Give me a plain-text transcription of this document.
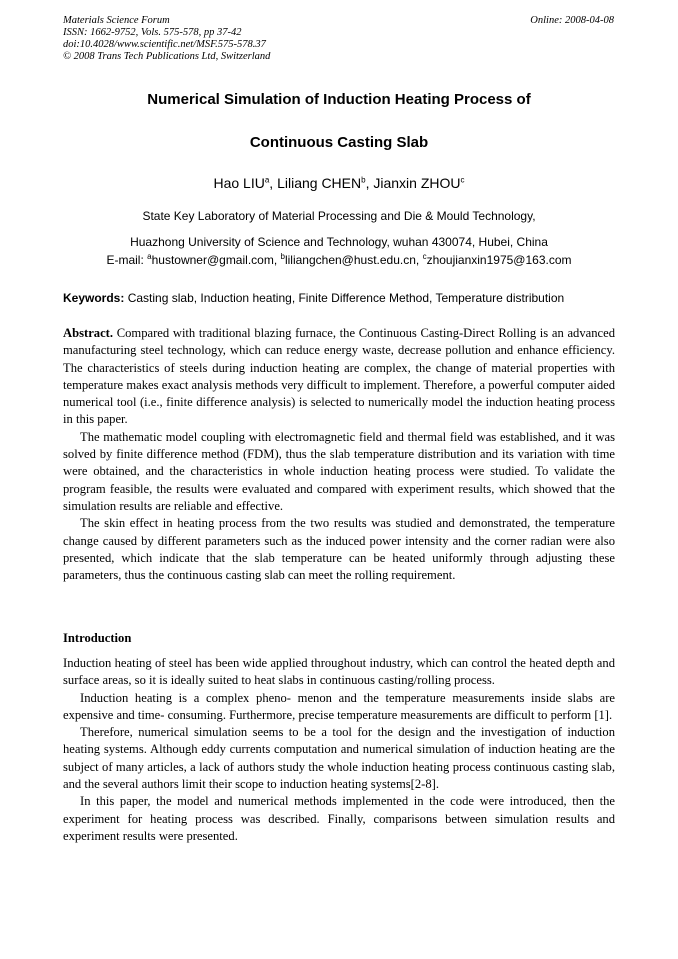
Materials Science Forum
ISSN: 1662-9752, Vols. 575-578, pp 37-42
doi:10.4028/www.scientific.net/MSF.575-578.37
© 2008 Trans Tech Publications Ltd, Switzerland
Online: 2008-04-08
Numerical Simulation of Induction Heating Process of
Continuous Casting Slab
Hao LIU$^a$, Liliang CHEN$^b$, Jianxin ZHOU$^c$
State Key Laboratory of Material Processing and Die & Mould Technology,
Huazhong University of Science and Technology, wuhan 430074, Hubei, China
E-mail: $^a$hustowner@gmail.com, $^b$liliangchen@hust.edu.cn, $^c$zhoujianxin1975@163.com
Keywords: Casting slab, Induction heating, Finite Difference Method, Temperature distribution

Abstract. Compared with traditional blazing furnace, the Continuous Casting-Direct Rolling is an advanced manufacturing steel technology, which can reduce energy waste, decrease pollution and enhance efficiency. The characteristics of steels during induction heating are complex, the change of material properties with temperature makes exact analysis methods very difficult to implement. Therefore, a powerful computer aided numerical tool (i.e., finite difference analysis) is selected to numerically model the induction heating process in this paper.

The mathematic model coupling with electromagnetic field and thermal field was established, and it was solved by finite difference method (FDM), thus the slab temperature distribution and its variation with time were obtained, and the characteristics in whole induction heating process were studied. To validate the program feasible, the results were evaluated and compared with experiment results, which showed that the simulation results are reliable and effective.

The skin effect in heating process from the two results was studied and demonstrated, the temperature change caused by different parameters such as the induced power intensity and the corner radian were also presented, which indicate that the slab temperature can be heated uniformly through adjusting these parameters, thus the continuous casting slab can meet the rolling requirement.

Introduction

Induction heating of steel has been wide applied throughout industry, which can control the heated depth and surface areas, so it is ideally suited to heat slabs in continuous casting/rolling process.

Induction heating is a complex pheno- menon and the temperature measurements inside slabs are expensive and time- consuming. Furthermore, precise temperature measurements are difficult to perform [1].

Therefore, numerical simulation seems to be a tool for the design and the investigation of induction heating systems. Although eddy currents computation and numerical simulation of induction heating are the subject of many articles, a lack of authors study the whole induction heating process continuous casting slab, and the several authors limit their scope to induction heating systems[2-8].

In this paper, the model and numerical methods implemented in the code were introduced, then the experiment for heating process was described. Finally, comparisons between simulation results and experiment results were presented.
